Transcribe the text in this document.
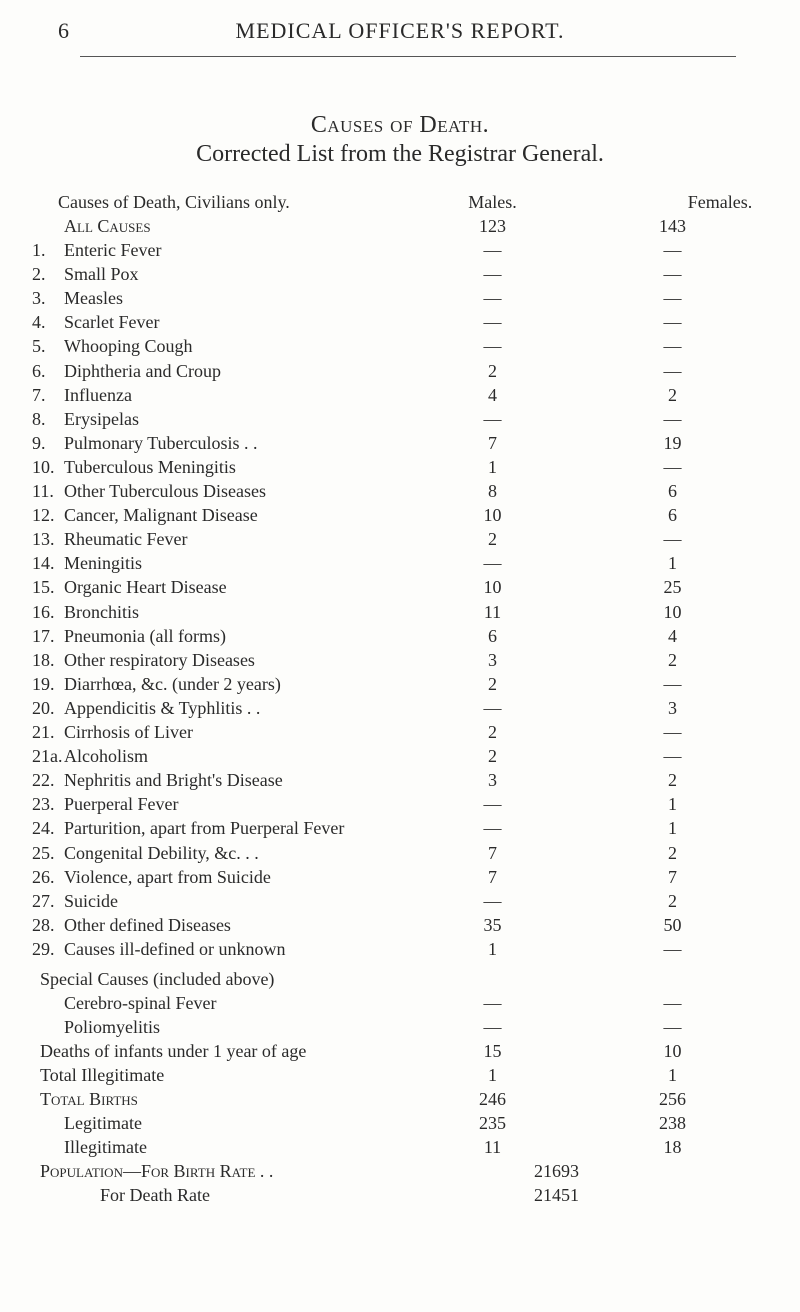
6	MEDICAL OFFICER'S REPORT.
Causes of Death.
Corrected List from the Registrar General.
Causes of Death, Civilians only.	Males.	Females.
All Causes	123	143
1.	Enteric Fever	—	—
2.	Small Pox	—	—
3.	Measles	—	—
4.	Scarlet Fever	—	—
5.	Whooping Cough	—	—
6.	Diphtheria and Croup	2	—
7.	Influenza	4	2
8.	Erysipelas	—	—
9.	Pulmonary Tuberculosis . .	7	19
10. Tuberculous Meningitis	1	—
11. Other Tuberculous Diseases	8	6
12. Cancer, Malignant Disease	10	6
13. Rheumatic Fever	2	—
14. Meningitis	—	1
15. Organic Heart Disease	10	25
16. Bronchitis	11	10
17. Pneumonia (all forms)	6	4
18. Other respiratory Diseases	3	2
19. Diarrhœa, &c. (under 2 years)	2	—
20. Appendicitis & Typhlitis . .	—	3
21. Cirrhosis of Liver	2	—
21a. Alcoholism	2	—
22. Nephritis and Bright's Disease	3	2
23. Puerperal Fever	—	1
24. Parturition, apart from Puerperal Fever	—	1
25. Congenital Debility, &c. . .	7	2
26. Violence, apart from Suicide	7	7
27. Suicide	—	2
28. Other defined Diseases	35	50
29. Causes ill-defined or unknown	1	—
Special Causes (included above)
Cerebro-spinal Fever	—	—
Poliomyelitis	—	—
Deaths of infants under 1 year of age	15	10
Total Illegitimate	1	1
Total Births	246	256
Legitimate	235	238
Illegitimate	11	18
Population—For Birth Rate . .	21693
For Death Rate	21451
